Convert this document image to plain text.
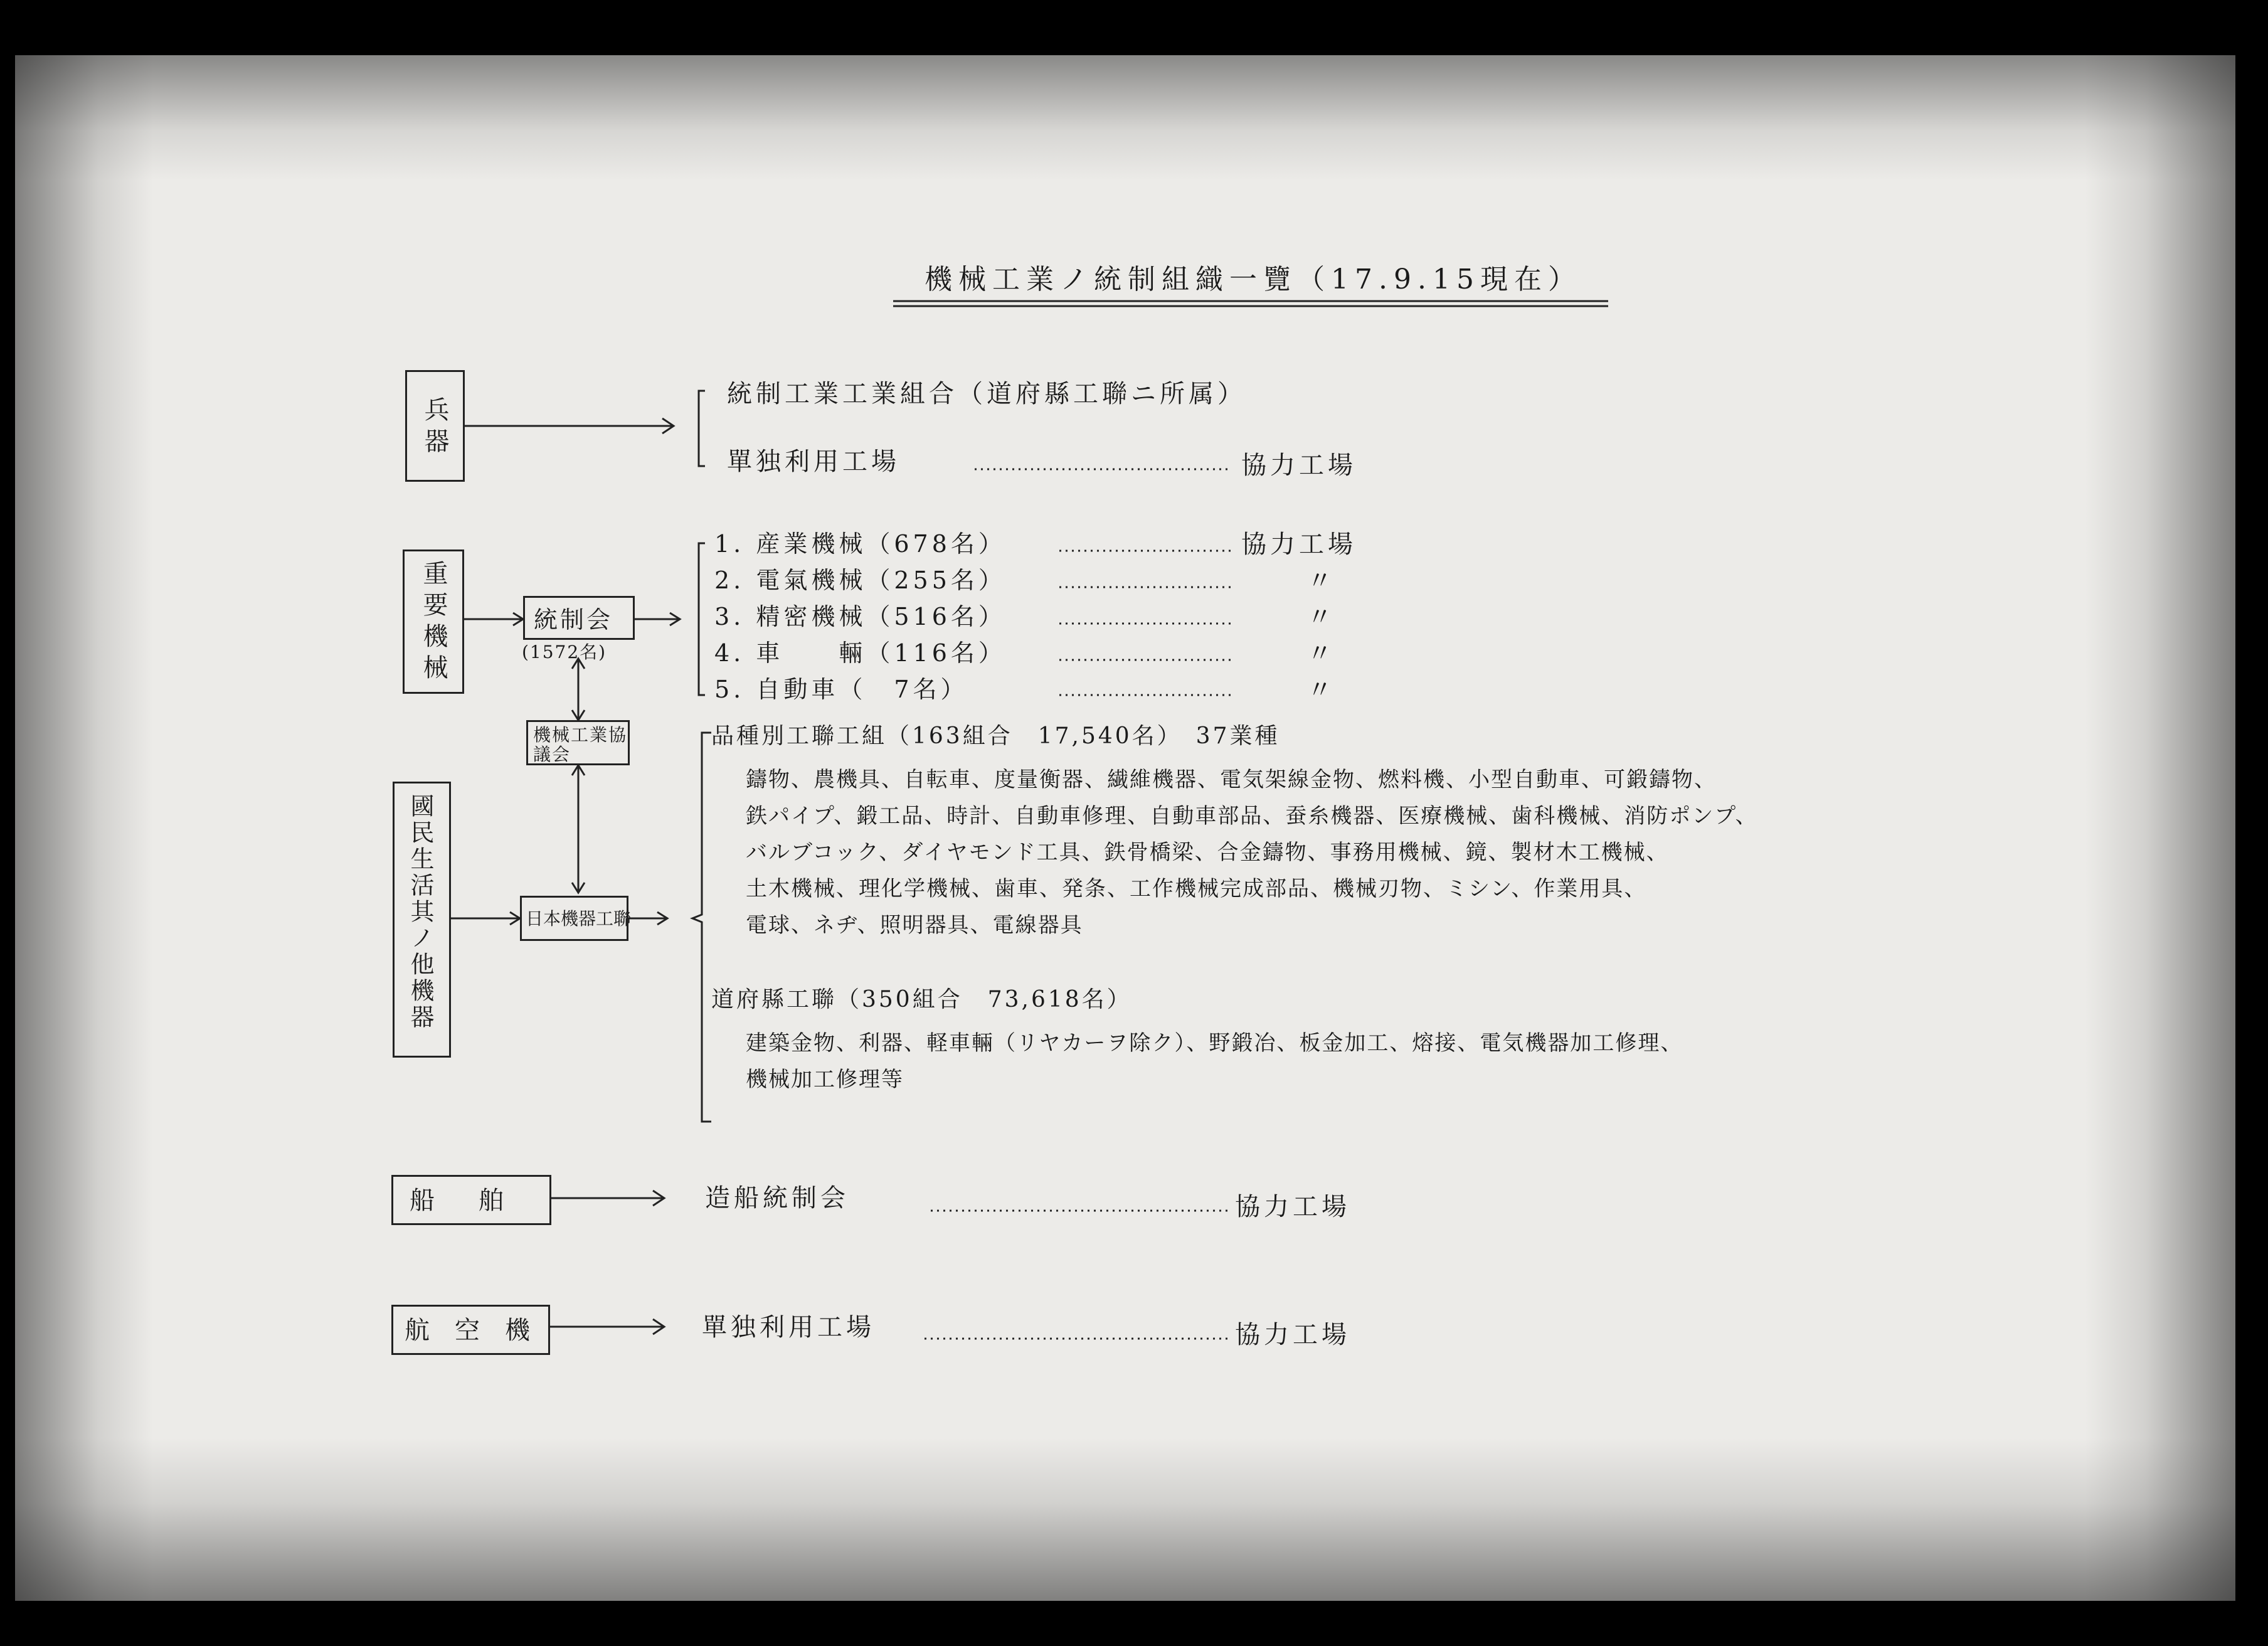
機械工業ノ統制組織一覽（17.9.15現在）
兵器
重要機械
國民生活其ノ他機器
船舶
航空機
統制会
(1572名)
機械工業協議会
日本機器工聯
統制工業工業組合（道府縣工聯ニ所属）
單独利用工場	協力工場
1. 産業機械（678名）	協力工場
2. 電氣機械（255名）	〃
3. 精密機械（516名）	〃
4. 車　　輛（116名）	〃
5. 自動車（　7名）	〃
品種別工聯工組（163組合　17,540名）　37業種
鑄物、農機具、自転車、度量衡器、繊維機器、電気架線金物、燃料機、小型自動車、可鍛鑄物、
鉄パイプ、鍛工品、時計、自動車修理、自動車部品、蚕糸機器、医療機械、歯科機械、消防ポンプ、
バルブコック、ダイヤモンド工具、鉄骨橋梁、合金鑄物、事務用機械、鏡、製材木工機械、
土木機械、理化学機械、歯車、発条、工作機械完成部品、機械刃物、ミシン、作業用具、
電球、ネヂ、照明器具、電線器具
道府縣工聯（350組合　73,618名）
建築金物、利器、軽車輛（リヤカーヲ除ク）、野鍛冶、板金加工、熔接、電気機器加工修理、
機械加工修理等
造船統制会	協力工場
單独利用工場	協力工場
